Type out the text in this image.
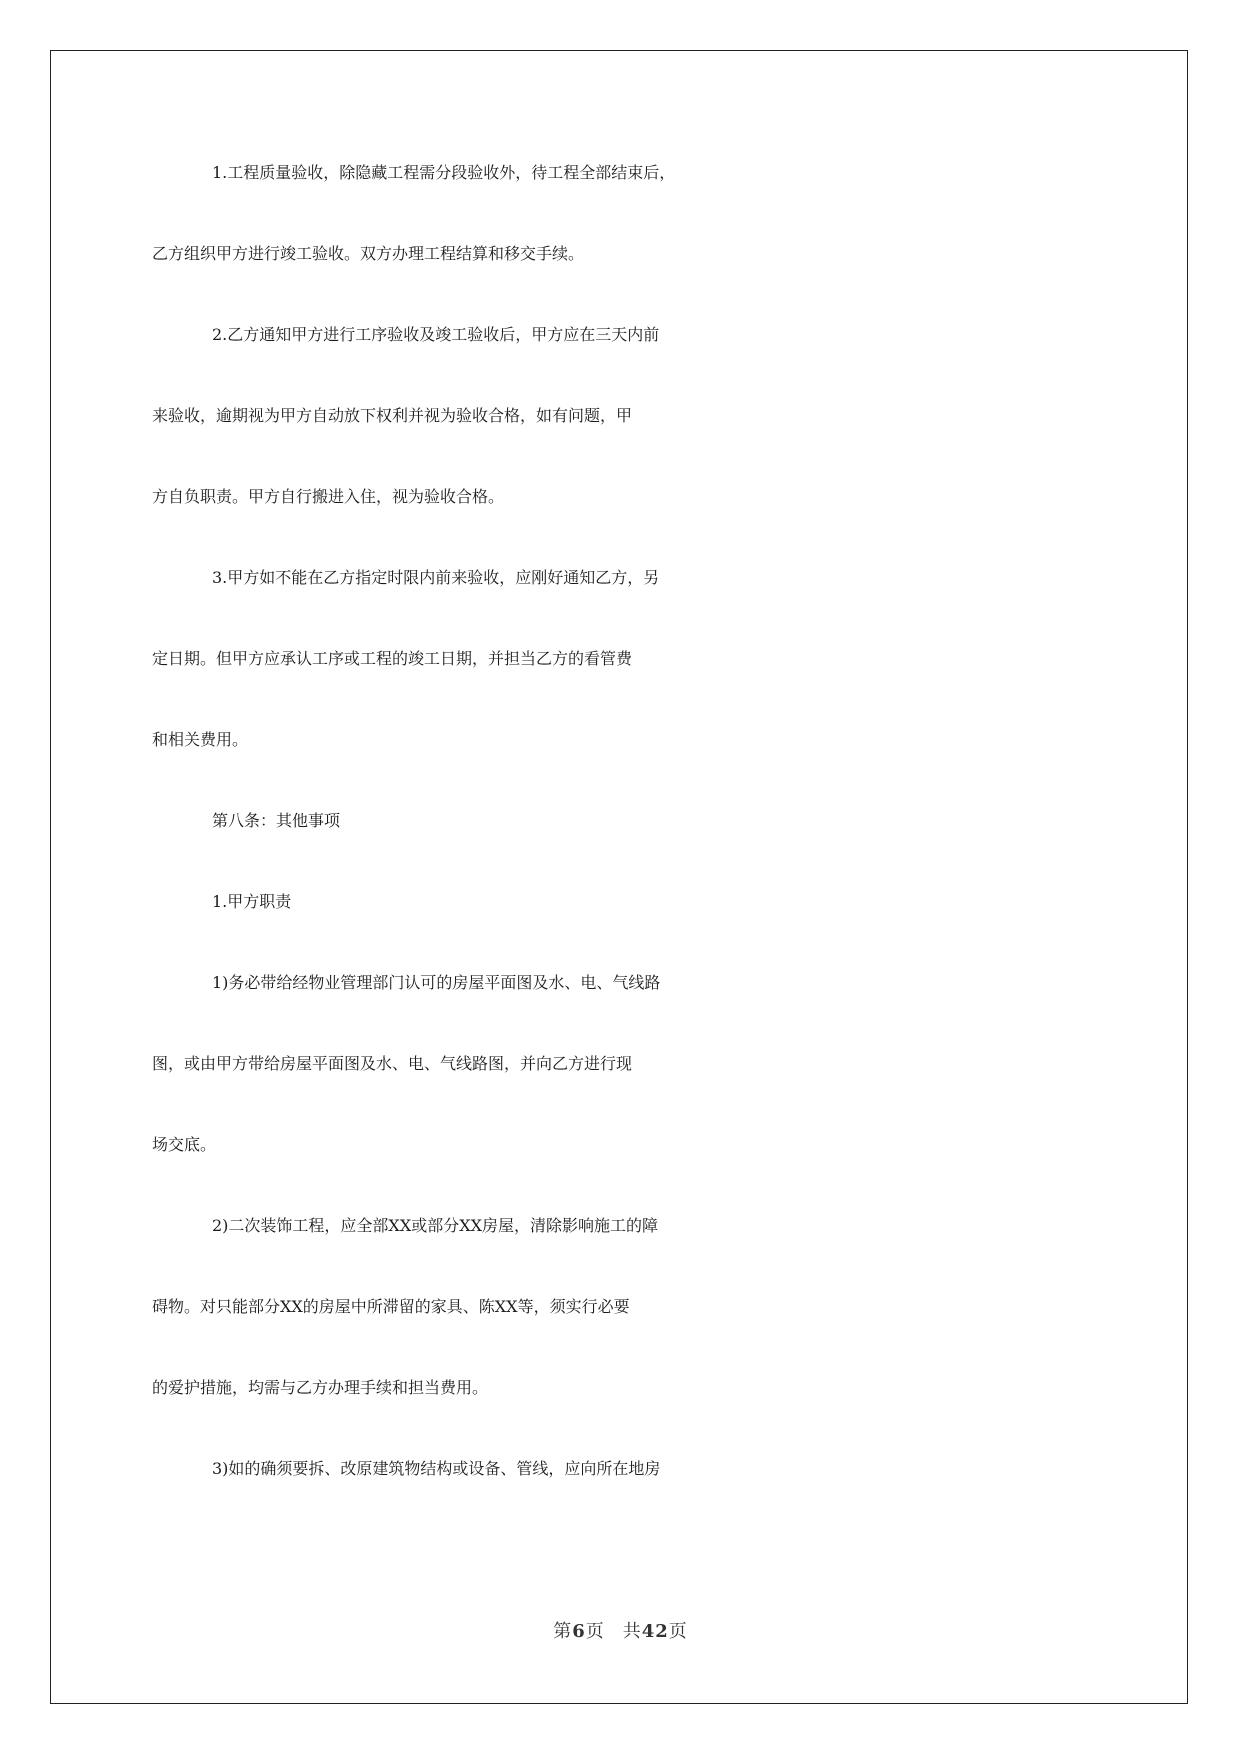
1.工程质量验收，除隐藏工程需分段验收外，待工程全部结束后，
乙方组织甲方进行竣工验收。双方办理工程结算和移交手续。
2.乙方通知甲方进行工序验收及竣工验收后，甲方应在三天内前
来验收，逾期视为甲方自动放下权利并视为验收合格，如有问题，甲
方自负职责。甲方自行搬进入住，视为验收合格。
3.甲方如不能在乙方指定时限内前来验收，应刚好通知乙方，另
定日期。但甲方应承认工序或工程的竣工日期，并担当乙方的看管费
和相关费用。
第八条：其他事项
1.甲方职责
1)务必带给经物业管理部门认可的房屋平面图及水、电、气线路
图，或由甲方带给房屋平面图及水、电、气线路图，并向乙方进行现
场交底。
2)二次装饰工程，应全部XX或部分XX房屋，清除影响施工的障
碍物。对只能部分XX的房屋中所滞留的家具、陈XX等，须实行必要
的爱护措施，均需与乙方办理手续和担当费用。
3)如的确须要拆、改原建筑物结构或设备、管线，应向所在地房
第6页 共42页
